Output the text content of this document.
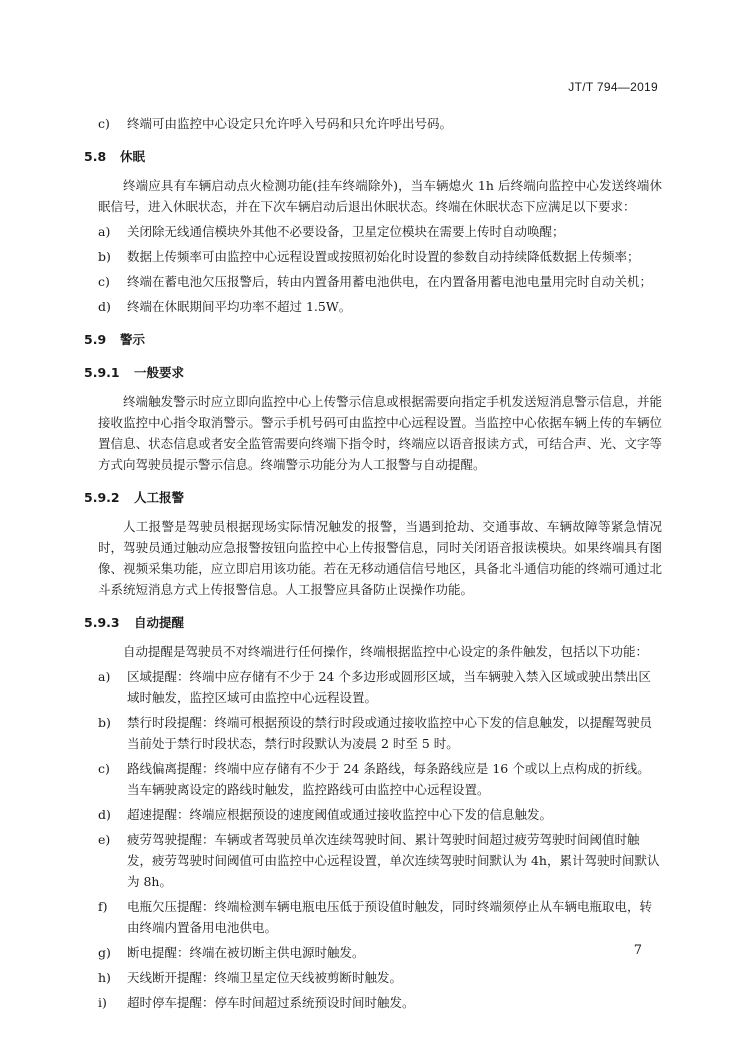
JT/T 794—2019
c)	终端可由监控中心设定只允许呼入号码和只允许呼出号码。
5.8 休眠
终端应具有车辆启动点火检测功能(挂车终端除外)，当车辆熄火 1h 后终端向监控中心发送终端休眠信号，进入休眠状态，并在下次车辆启动后退出休眠状态。终端在休眠状态下应满足以下要求：
a)	关闭除无线通信模块外其他不必要设备，卫星定位模块在需要上传时自动唤醒；
b)	数据上传频率可由监控中心远程设置或按照初始化时设置的参数自动持续降低数据上传频率；
c)	终端在蓄电池欠压报警后，转由内置备用蓄电池供电，在内置备用蓄电池电量用完时自动关机；
d)	终端在休眠期间平均功率不超过 1.5W。
5.9 警示
5.9.1 一般要求
终端触发警示时应立即向监控中心上传警示信息或根据需要向指定手机发送短消息警示信息，并能接收监控中心指令取消警示。警示手机号码可由监控中心远程设置。当监控中心依据车辆上传的车辆位置信息、状态信息或者安全监管需要向终端下指令时，终端应以语音报读方式，可结合声、光、文字等方式向驾驶员提示警示信息。终端警示功能分为人工报警与自动提醒。
5.9.2 人工报警
人工报警是驾驶员根据现场实际情况触发的报警，当遇到抢劫、交通事故、车辆故障等紧急情况时，驾驶员通过触动应急报警按钮向监控中心上传报警信息，同时关闭语音报读模块。如果终端具有图像、视频采集功能，应立即启用该功能。若在无移动通信信号地区，具备北斗通信功能的终端可通过北斗系统短消息方式上传报警信息。人工报警应具备防止误操作功能。
5.9.3 自动提醒
自动提醒是驾驶员不对终端进行任何操作，终端根据监控中心设定的条件触发，包括以下功能：
a)	区域提醒：终端中应存储有不少于 24 个多边形或圆形区域，当车辆驶入禁入区域或驶出禁出区域时触发，监控区域可由监控中心远程设置。
b)	禁行时段提醒：终端可根据预设的禁行时段或通过接收监控中心下发的信息触发，以提醒驾驶员当前处于禁行时段状态，禁行时段默认为凌晨 2 时至 5 时。
c)	路线偏离提醒：终端中应存储有不少于 24 条路线，每条路线应是 16 个或以上点构成的折线。当车辆驶离设定的路线时触发，监控路线可由监控中心远程设置。
d)	超速提醒：终端应根据预设的速度阈值或通过接收监控中心下发的信息触发。
e)	疲劳驾驶提醒：车辆或者驾驶员单次连续驾驶时间、累计驾驶时间超过疲劳驾驶时间阈值时触发，疲劳驾驶时间阈值可由监控中心远程设置，单次连续驾驶时间默认为 4h，累计驾驶时间默认为 8h。
f)	电瓶欠压提醒：终端检测车辆电瓶电压低于预设值时触发，同时终端须停止从车辆电瓶取电，转由终端内置备用电池供电。
g)	断电提醒：终端在被切断主供电源时触发。
h)	天线断开提醒：终端卫星定位天线被剪断时触发。
i)	超时停车提醒：停车时间超过系统预设时间时触发。
7
